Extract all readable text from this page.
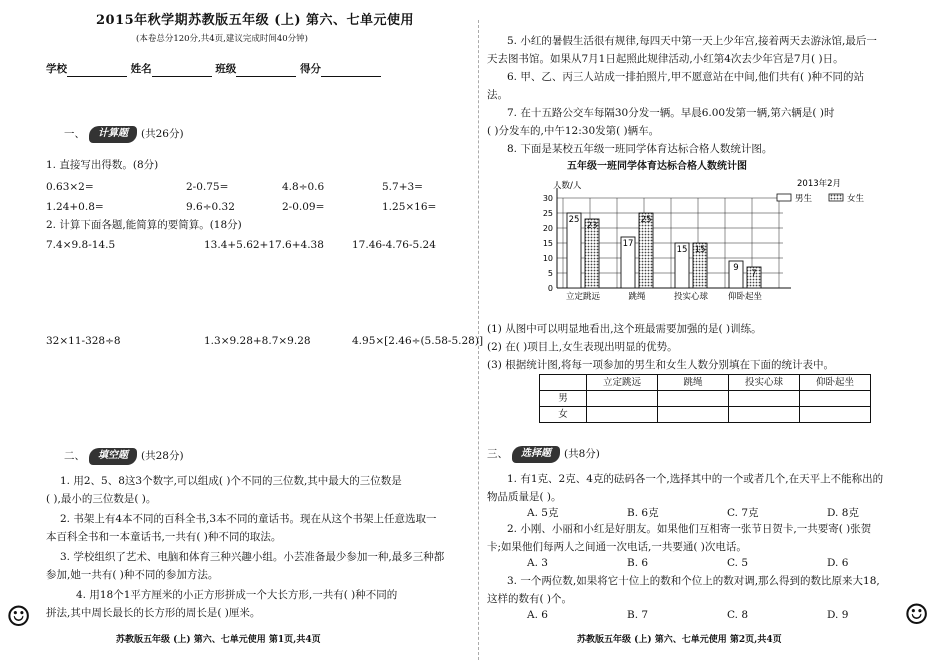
2015年秋学期苏教版五年级 (上) 第六、七单元使用
(本卷总分120分,共4页,建议完成时间40分钟)
学校	姓名	班级	得分
一、	计算题	(共26分)
1. 直接写出得数。(8分)
0.63×2=	2-0.75=	4.8÷0.6	5.7+3=
1.24+0.8=	9.6÷0.32	2-0.09=	1.25×16=
2. 计算下面各题,能简算的要简算。(18分)
7.4×9.8-14.5	13.4+5.62+17.6+4.38	17.46-4.76-5.24
32×11-328÷8	1.3×9.28+8.7×9.28	4.95×[2.46÷(5.58-5.28)]
二、	填空题	(共28分)
1. 用2、5、8这3个数字,可以组成( )个不同的三位数,其中最大的三位数是
( ),最小的三位数是( )。
2. 书架上有4本不同的百科全书,3本不同的童话书。现在从这个书架上任意选取一
本百科全书和一本童话书,一共有( )种不同的取法。
3. 学校组织了艺术、电脑和体育三种兴趣小组。小芸准备最少参加一种,最多三种都
参加,她一共有( )种不同的参加方法。
4. 用18个1平方厘米的小正方形拼成一个大长方形,一共有( )种不同的
拼法,其中周长最长的长方形的周长是( )厘米。
苏教版五年级 (上) 第六、七单元使用 第1页,共4页
☺
5. 小红的暑假生活很有规律,每四天中第一天上少年宫,接着两天去游泳馆,最后一
天去图书馆。如果从7月1日起照此规律活动,小红第4次去少年宫是7月( )日。
6. 甲、乙、丙三人站成一排拍照片,甲不愿意站在中间,他们共有( )种不同的站
法。
7. 在十五路公交车每隔30分发一辆。早晨6.00发第一辆,第六辆是( )时
( )分发车的,中午12:30发第( )辆车。
8. 下面是某校五年级一班同学体育达标合格人数统计图。
五年级一班同学体育达标合格人数统计图
0
5
10
15
20
25
30
人数/人
25
23
立定跳远
17
25
跳绳
15 15
投实心球
9
7
仰卧起坐
2013年2月
男生	女生
(1) 从图中可以明显地看出,这个班最需要加强的是( )训练。
(2) 在( )项目上,女生表现出明显的优势。
(3) 根据统计图,将每一项参加的男生和女生人数分别填在下面的统计表中。
	立定跳远	跳绳	投实心球	仰卧起坐
男				
女				
三、	选择题	(共8分)
1. 有1克、2克、4克的砝码各一个,选择其中的一个或者几个,在天平上不能称出的
物品质量是( )。
A. 5克	B. 6克	C. 7克	D. 8克
2. 小刚、小丽和小红是好朋友。如果他们互相寄一张节日贺卡,一共要寄( )张贺
卡;如果他们每两人之间通一次电话,一共要通( )次电话。
A. 3	B. 6	C. 5	D. 6
3. 一个两位数,如果将它十位上的数和个位上的数对调,那么得到的数比原来大18,
这样的数有( )个。
A. 6	B. 7	C. 8	D. 9
苏教版五年级 (上) 第六、七单元使用 第2页,共4页
☺
